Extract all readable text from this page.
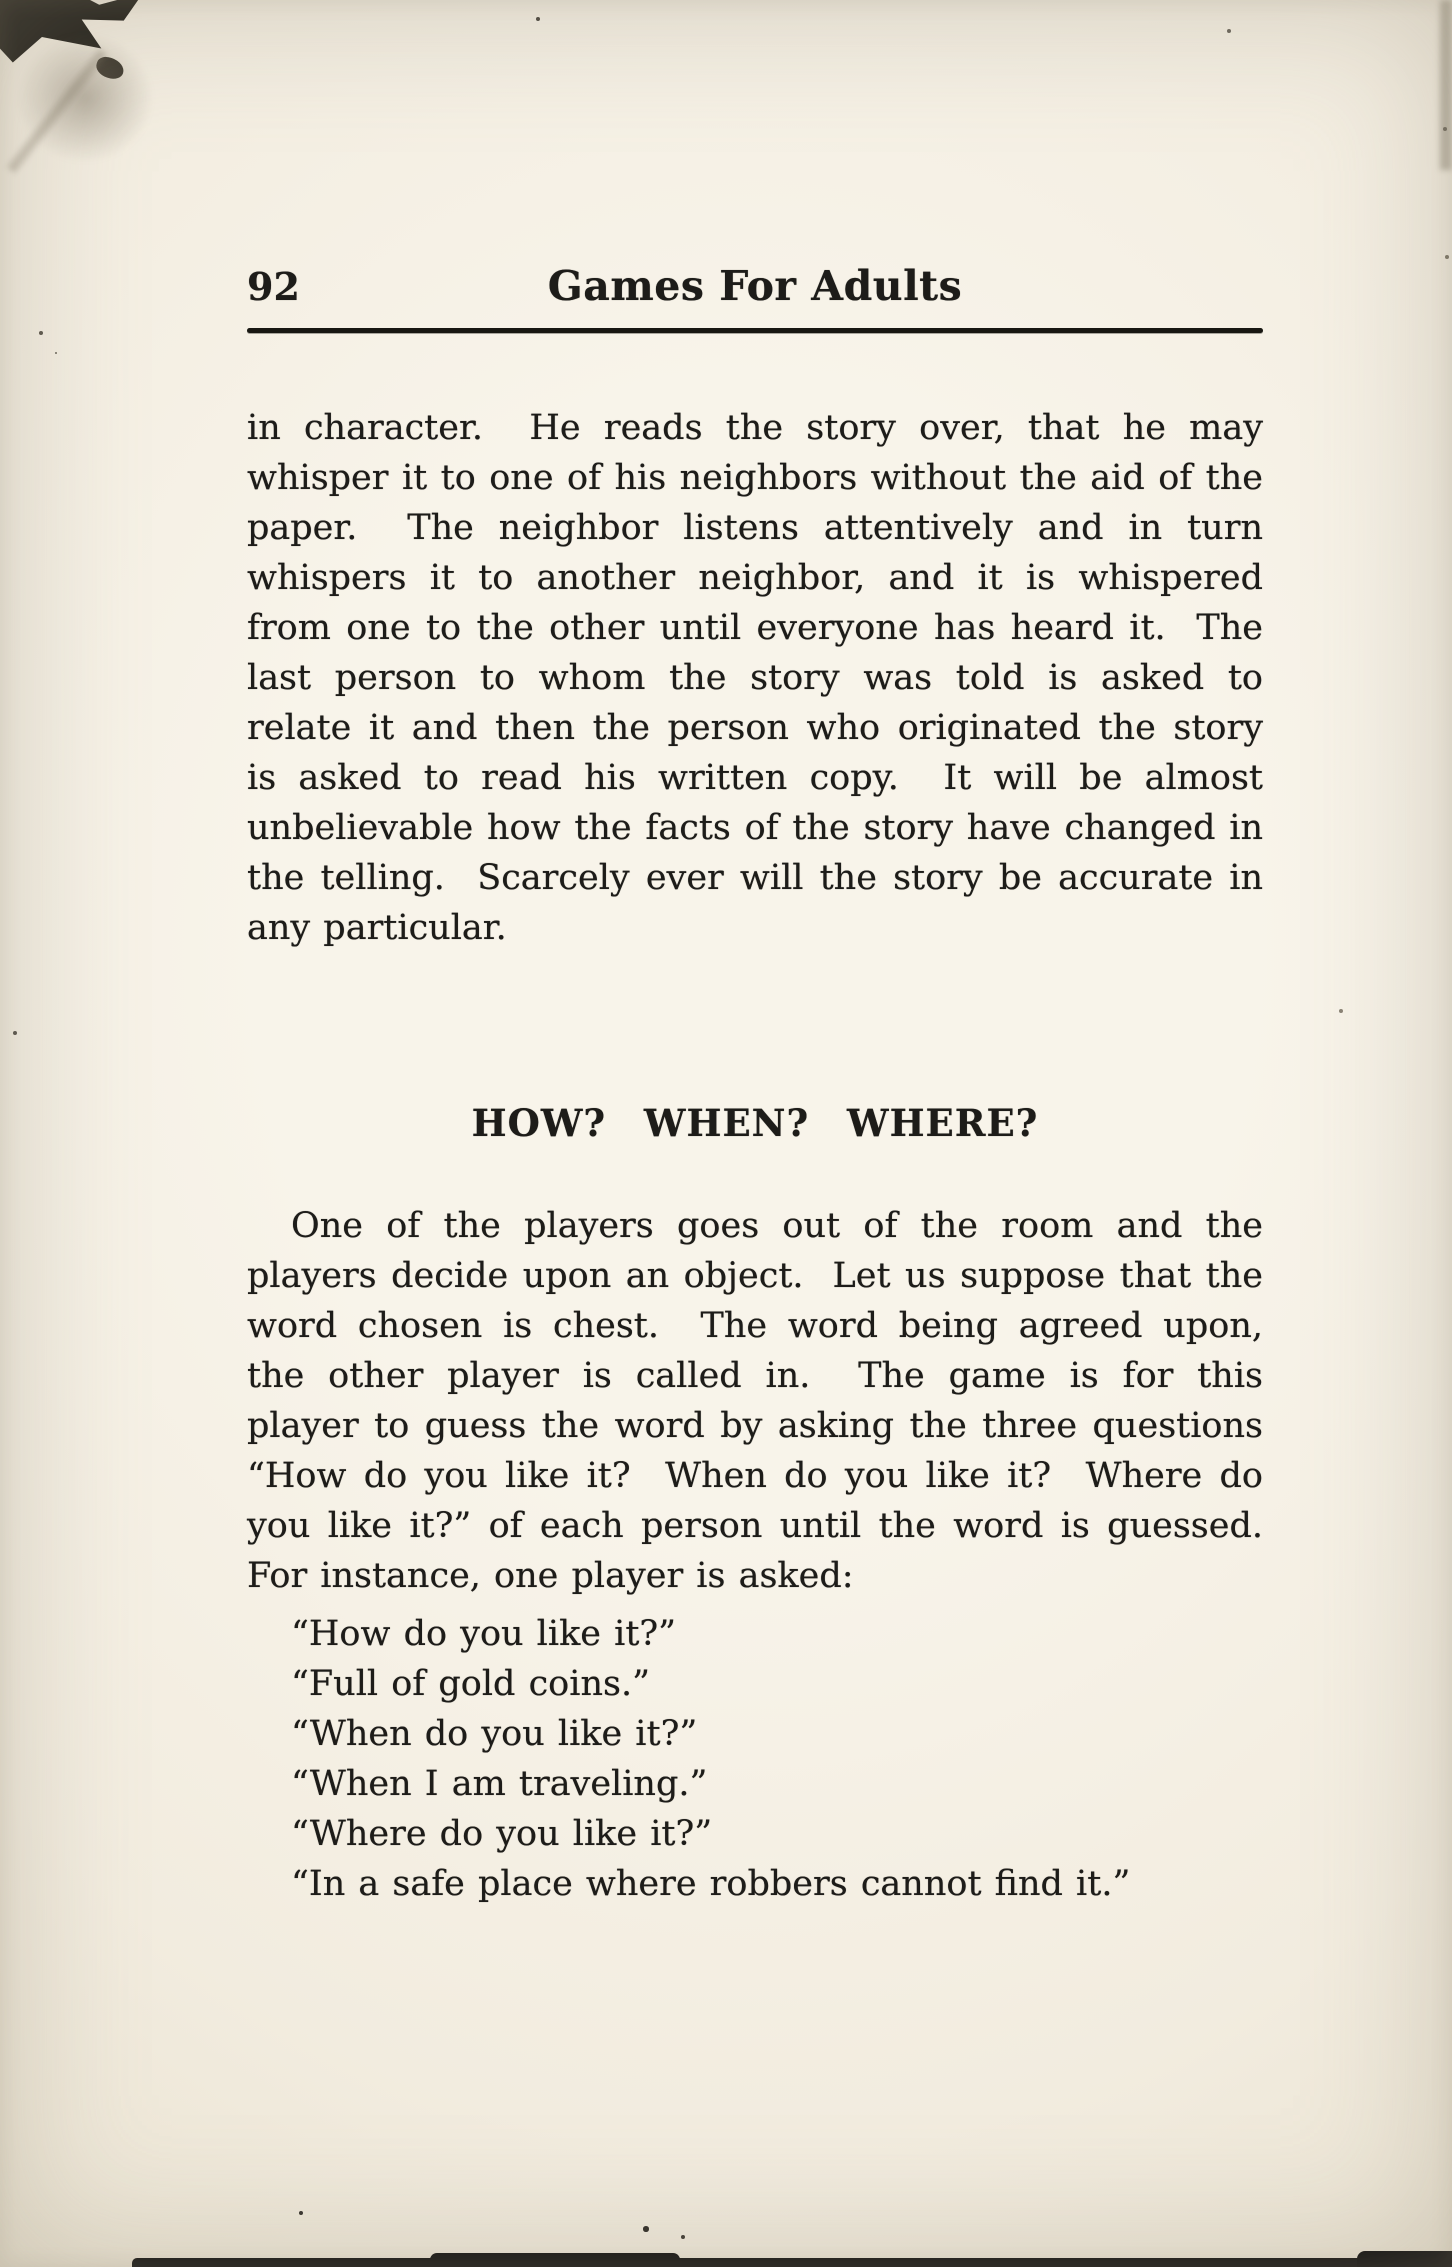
92	Games For Adults

in character.  He reads the story over, that he may whisper it to one of his neighbors without the aid of the paper.  The neighbor listens attentively and in turn whispers it to another neighbor, and it is whispered from one to the other until everyone has heard it.  The last person to whom the story was told is asked to relate it and then the person who originated the story is asked to read his written copy.  It will be almost unbelievable how the facts of the story have changed in the telling.  Scarcely ever will the story be accurate in any particular.

HOW? WHEN? WHERE?

One of the players goes out of the room and the players decide upon an object.  Let us suppose that the word chosen is chest.  The word being agreed upon, the other player is called in.  The game is for this player to guess the word by asking the three questions “How do you like it?  When do you like it?  Where do you like it?” of each person until the word is guessed.  For instance, one player is asked:

“How do you like it?”

“Full of gold coins.”

“When do you like it?”

“When I am traveling.”

“Where do you like it?”

“In a safe place where robbers cannot find it.”
